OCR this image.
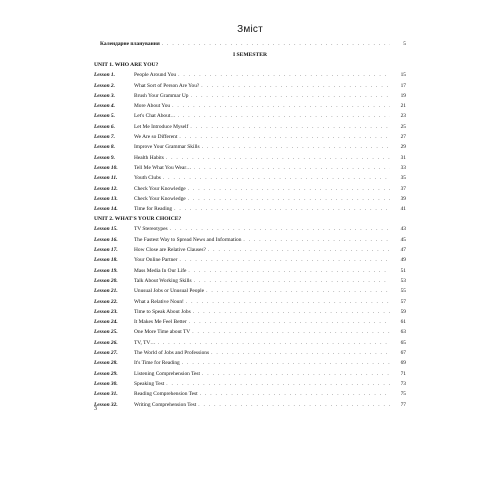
Зміст
Календарне планування . . .	5
I SEMESTER
UNIT 1. WHO ARE YOU?
Lesson 1.	People Around You . . .	15
Lesson 2.	What Sort of Person Are You? . . .	17
Lesson 3.	Brush Your Grammar Up . . .	19
Lesson 4.	More About You . . .	21
Lesson 5.	Let's Chat About… . . .	23
Lesson 6.	Let Me Introduce Myself . . .	25
Lesson 7.	We Are so Different . . .	27
Lesson 8.	Improve Your Grammar Skills . . .	29
Lesson 9.	Health Habits . . .	31
Lesson 10.	Tell Me What You Wear… . . .	33
Lesson 11.	Youth Clubs . . .	35
Lesson 12.	Check Your Knowledge . . .	37
Lesson 13.	Check Your Knowledge . . .	39
Lesson 14.	Time for Reading . . .	41
UNIT 2. WHAT'S YOUR CHOICE?
Lesson 15.	TV Stereotypes . . .	43
Lesson 16.	The Fastest Way to Spread News and Information . . .	45
Lesson 17.	How Close are Relative Clauses? . . .	47
Lesson 18.	Your Online Partner . . .	49
Lesson 19.	Mass Media In Our Life . . .	51
Lesson 20.	Talk About Working Skills . . .	53
Lesson 21.	Unusual Jobs or Unusual People . . .	55
Lesson 22.	What a Relative Noun! . . .	57
Lesson 23.	Time to Speak About Jobs . . .	59
Lesson 24.	It Makes Me Feel Better . . .	61
Lesson 25.	One More Time about TV . . .	63
Lesson 26.	TV, TV… . . .	65
Lesson 27.	The World of Jobs and Professions . . .	67
Lesson 28.	It's Time for Reading . . .	69
Lesson 29.	Listening Comprehension Test . . .	71
Lesson 30.	Speaking Test . . .	73
Lesson 31.	Reading Comprehension Test . . .	75
Lesson 32.	Writing Comprehension Test . . .	77
3
